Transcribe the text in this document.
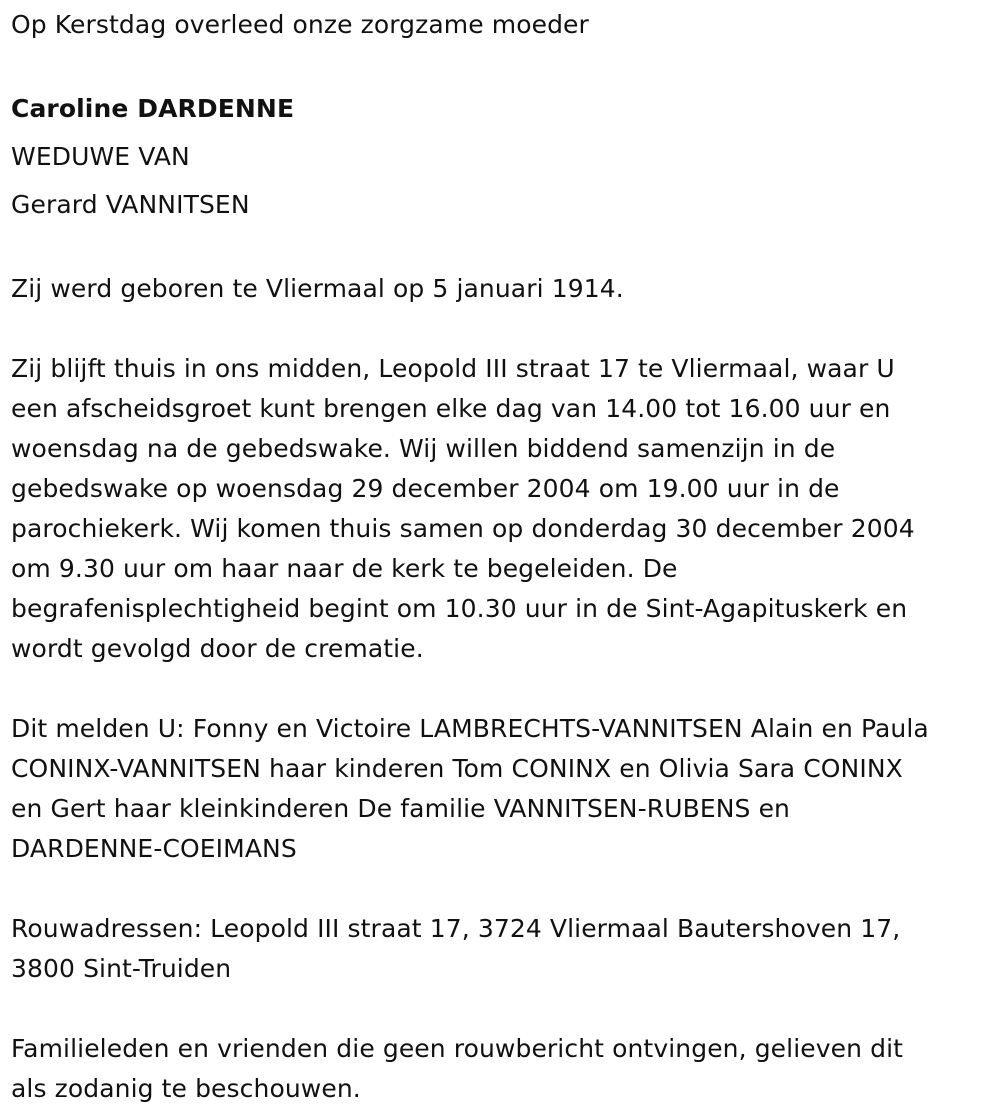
Op Kerstdag overleed onze zorgzame moeder

Caroline DARDENNE

WEDUWE VAN

Gerard VANNITSEN

Zij werd geboren te Vliermaal op 5 januari 1914.

Zij blijft thuis in ons midden, Leopold III straat 17 te Vliermaal, waar U

een afscheidsgroet kunt brengen elke dag van 14.00 tot 16.00 uur en

woensdag na de gebedswake. Wij willen biddend samenzijn in de

gebedswake op woensdag 29 december 2004 om 19.00 uur in de

parochiekerk. Wij komen thuis samen op donderdag 30 december 2004

om 9.30 uur om haar naar de kerk te begeleiden. De

begrafenisplechtigheid begint om 10.30 uur in de Sint-Agapituskerk en

wordt gevolgd door de crematie.

Dit melden U: Fonny en Victoire LAMBRECHTS-VANNITSEN Alain en Paula

CONINX-VANNITSEN haar kinderen Tom CONINX en Olivia Sara CONINX

en Gert haar kleinkinderen De familie VANNITSEN-RUBENS en

DARDENNE-COEIMANS

Rouwadressen: Leopold III straat 17, 3724 Vliermaal Bautershoven 17,

3800 Sint-Truiden

Familieleden en vrienden die geen rouwbericht ontvingen, gelieven dit

als zodanig te beschouwen.
